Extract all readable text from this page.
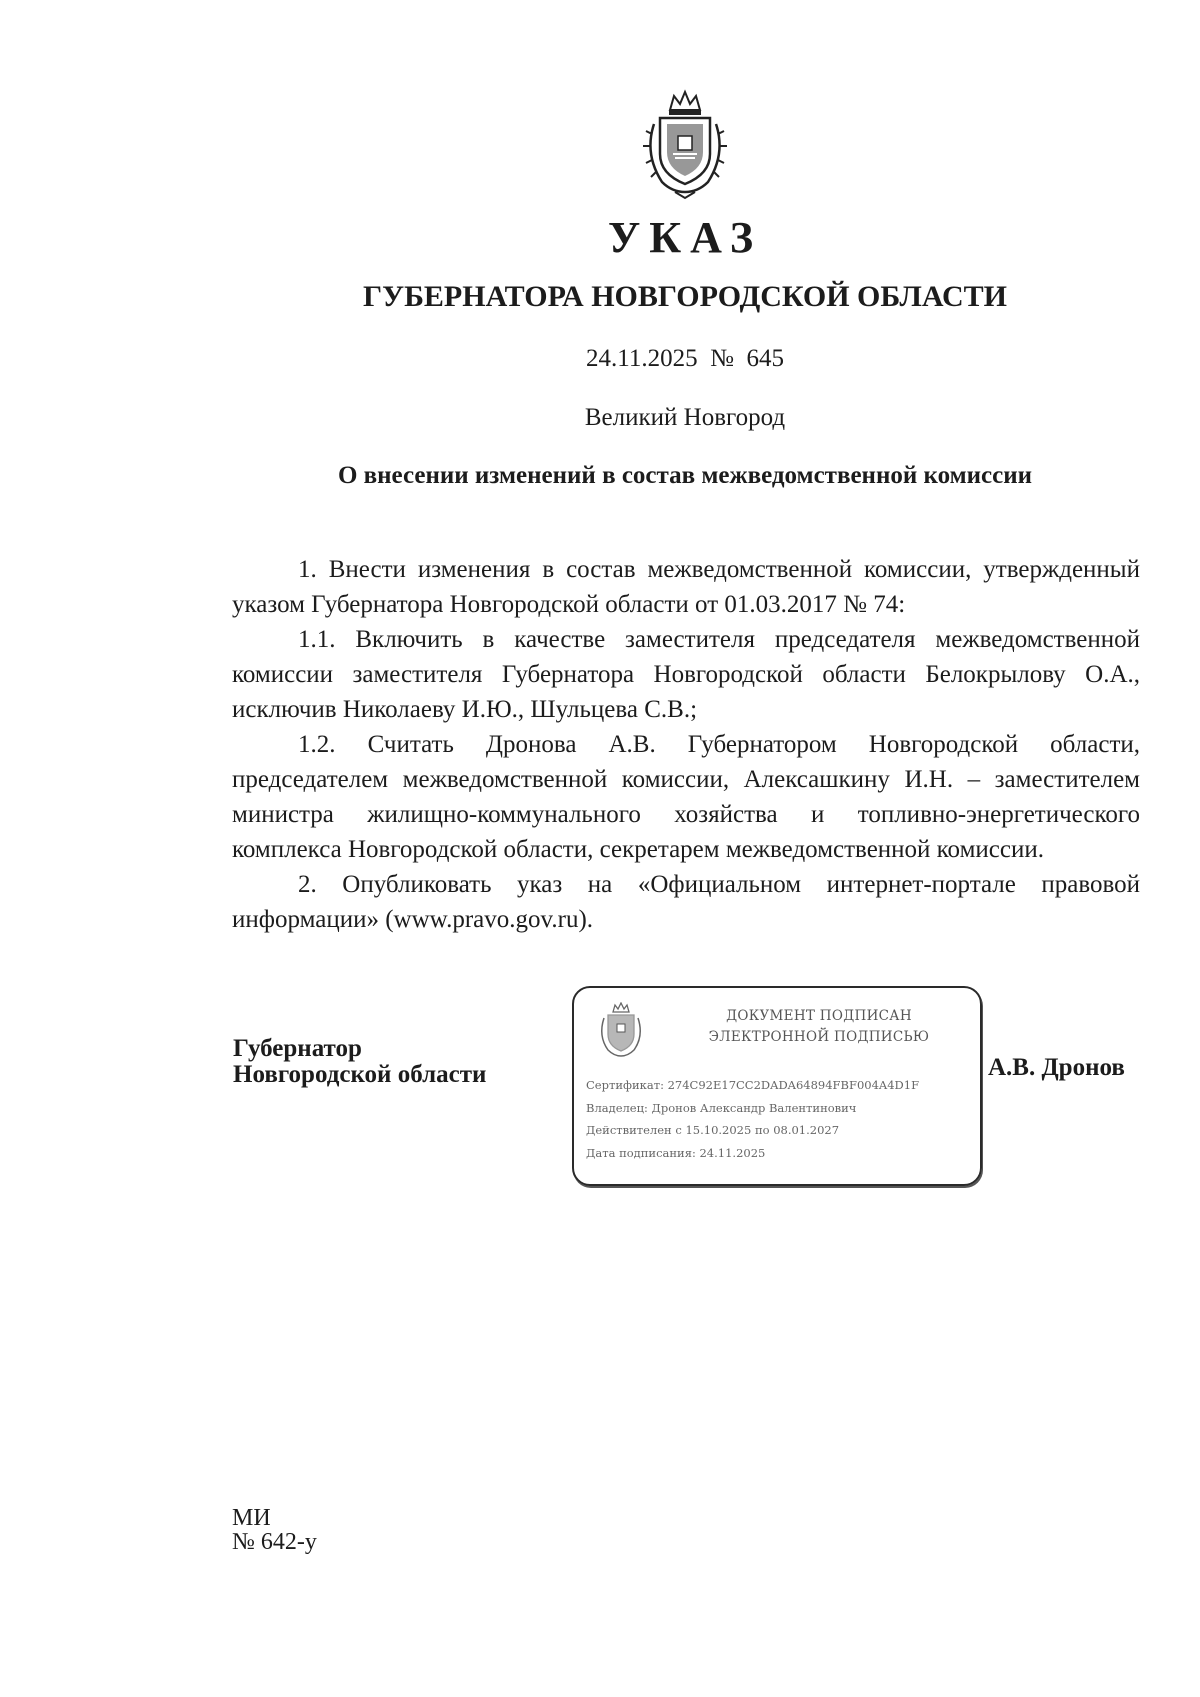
УКАЗ
ГУБЕРНАТОРА НОВГОРОДСКОЙ ОБЛАСТИ
24.11.2025 № 645
Великий Новгород
О внесении изменений в состав межведомственной комиссии

1. Внести изменения в состав межведомственной комиссии, утвержденный указом Губернатора Новгородской области от 01.03.2017 № 74:

1.1. Включить в качестве заместителя председателя межведомственной комиссии заместителя Губернатора Новгородской области Белокрылову О.А., исключив Николаеву И.Ю., Шульцева С.В.;

1.2. Считать Дронова А.В. Губернатором Новгородской области, председателем межведомственной комиссии, Алексашкину И.Н. – заместителем министра жилищно-коммунального хозяйства и топливно-энергетического комплекса Новгородской области, секретарем межведомственной комиссии.

2. Опубликовать указ на «Официальном интернет-портале правовой информации» (www.pravo.gov.ru).

Губернатор
Новгородской области
ДОКУМЕНТ ПОДПИСАН
ЭЛЕКТРОННОЙ ПОДПИСЬЮ
Сертификат: 274C92E17CC2DADA64894FBF004A4D1F
Владелец: Дронов Александр Валентинович
Действителен с 15.10.2025 по 08.01.2027
Дата подписания: 24.11.2025
А.В. Дронов
МИ
№ 642-у
